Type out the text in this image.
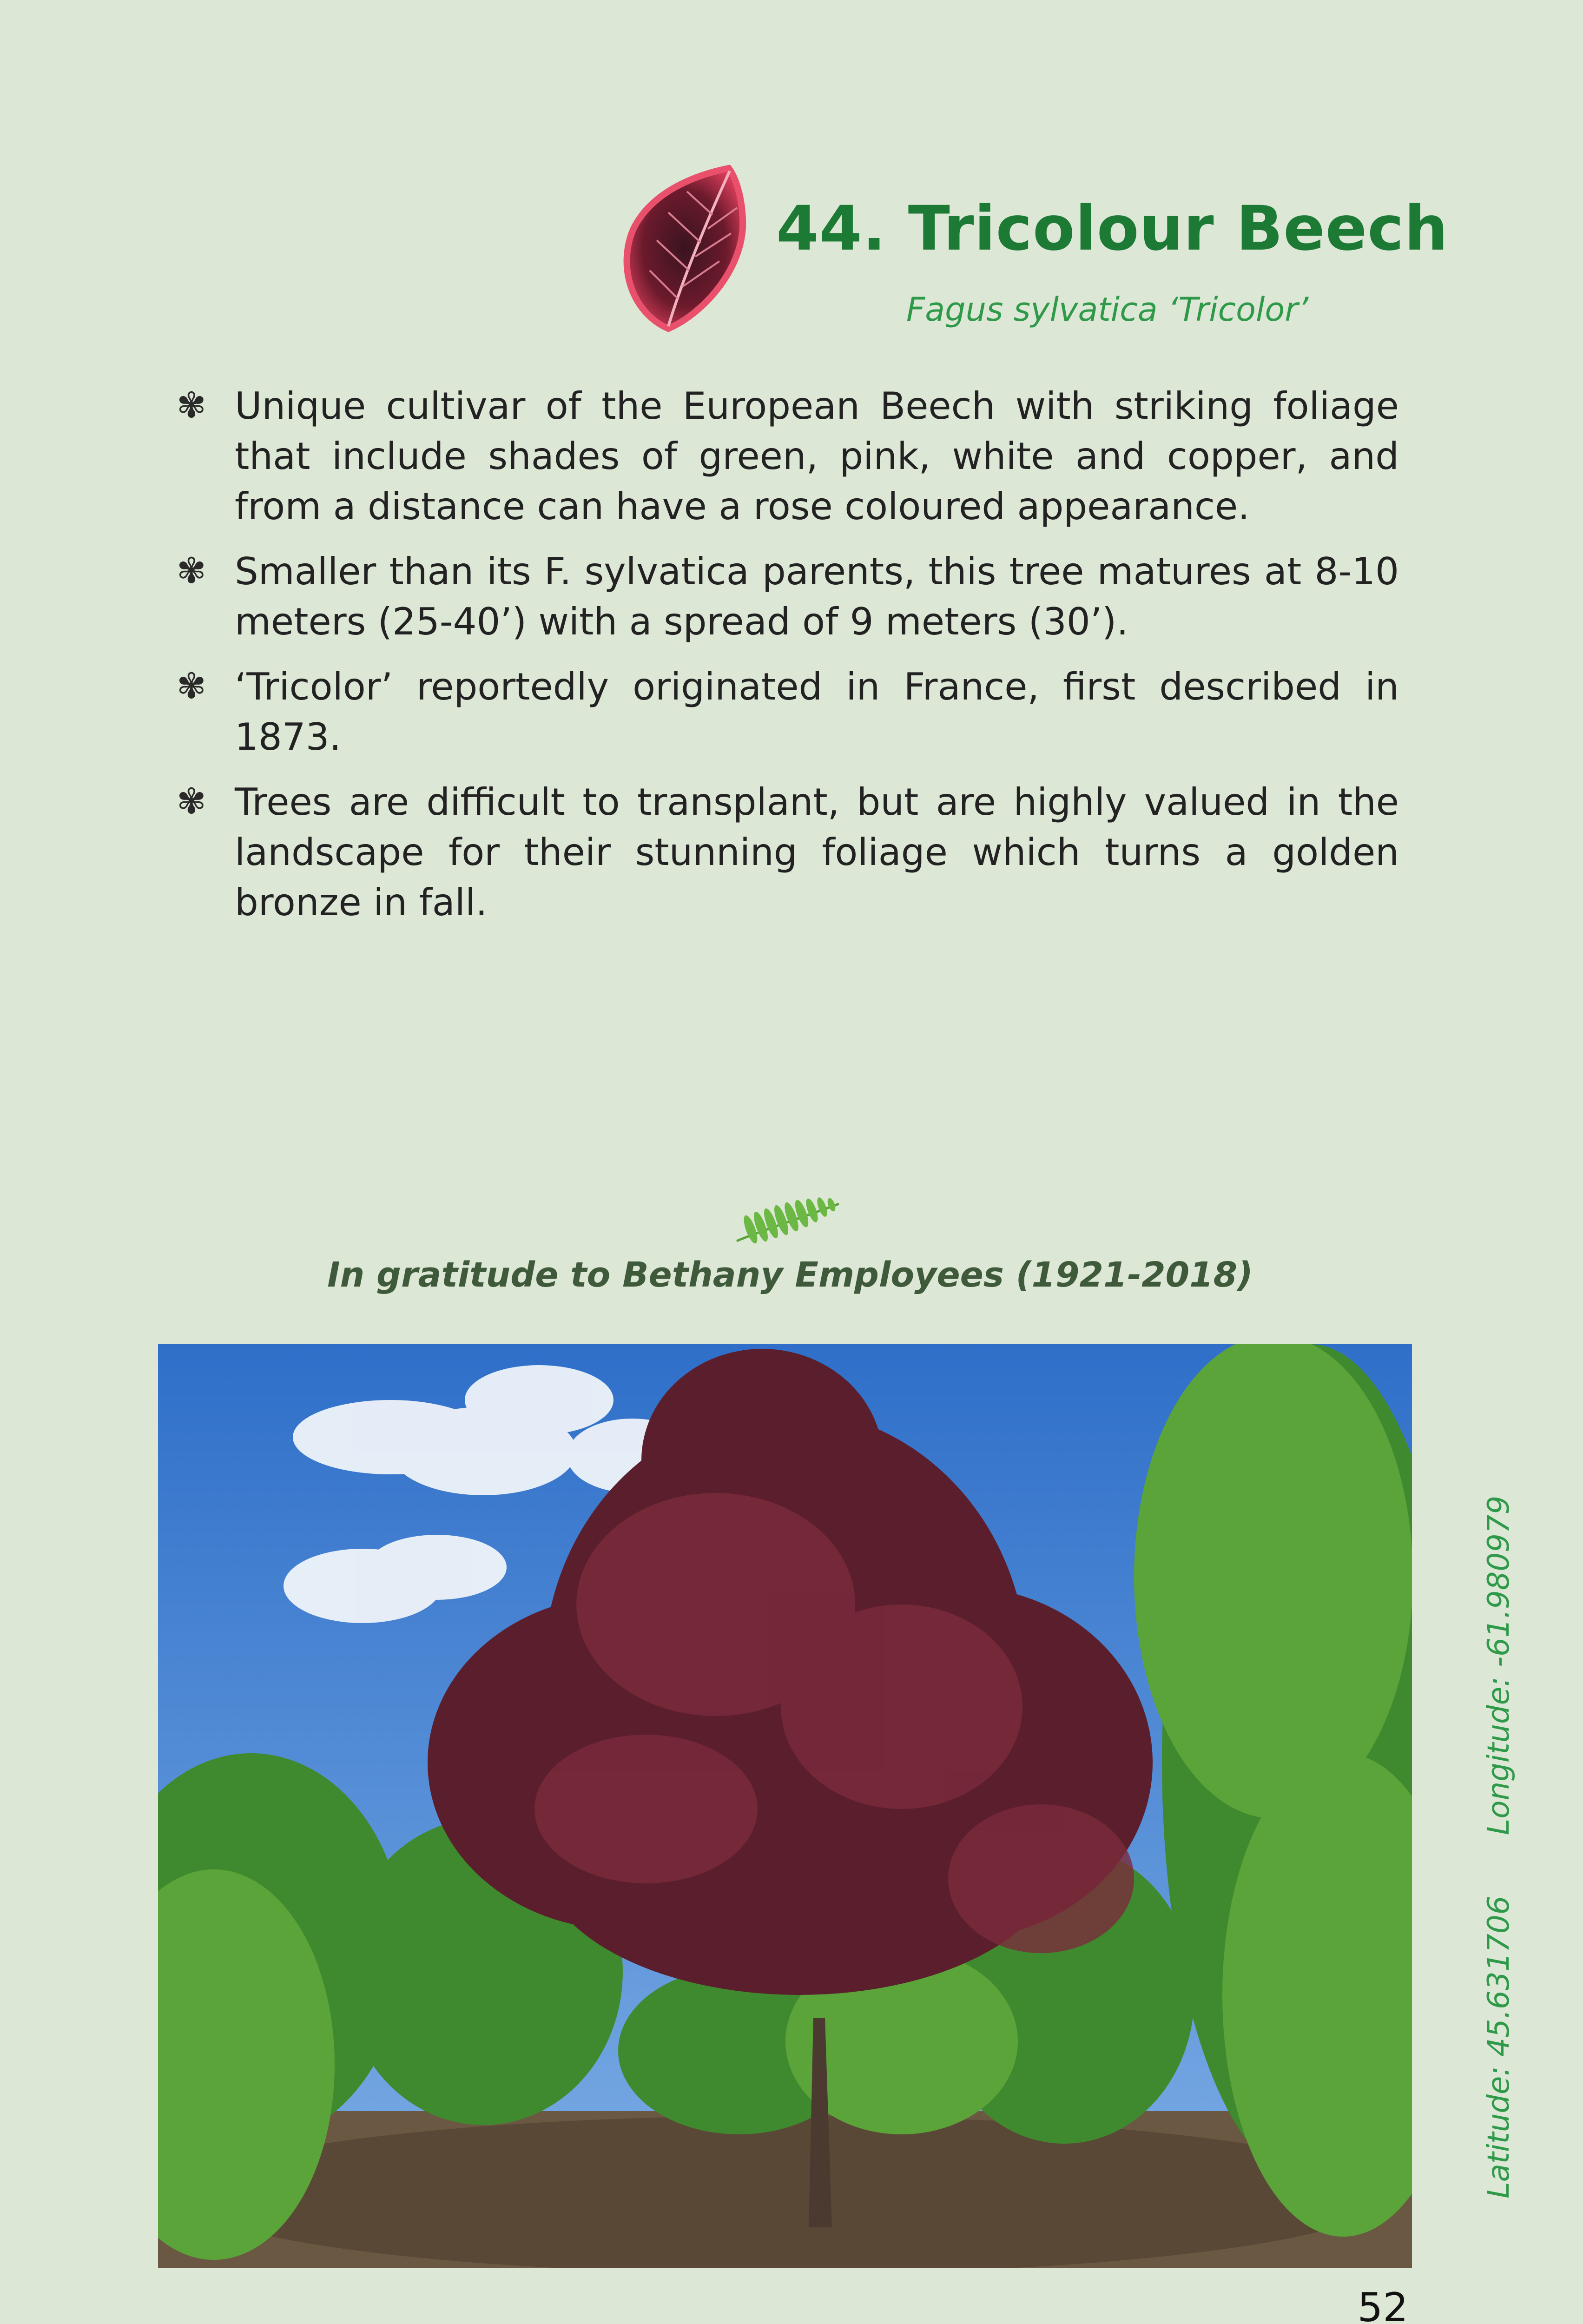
44. Tricolour Beech
Fagus sylvatica ‘Tricolor’
✾ Unique cultivar of the European Beech with striking foliage that include shades of green, pink, white and copper, and from a distance can have a rose coloured appearance.
✾ Smaller than its F. sylvatica parents, this tree matures at 8-10 meters (25-40’) with a spread of 9 meters (30’).
✾ ‘Tricolor’ reportedly originated in France, first described in 1873.
✾ Trees are difficult to transplant, but are highly valued in the landscape for their stunning foliage which turns a golden bronze in fall.
In gratitude to Bethany Employees (1921-2018)
Latitude: 45.631706 Longitude: -61.980979
52
